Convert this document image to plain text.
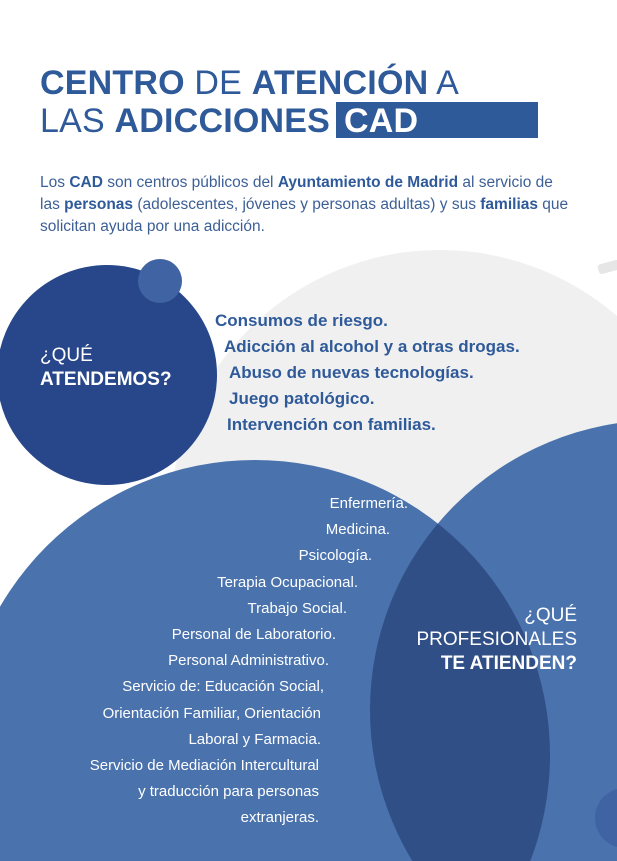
CENTRO DE ATENCIÓN A
LAS ADICCIONES CAD
Los CAD son centros públicos del Ayuntamiento de Madrid al servicio de las personas (adolescentes, jóvenes y personas adultas) y sus familias que solicitan ayuda por una adicción.
¿QUÉ
ATENDEMOS?
Consumos de riesgo.
Adicción al alcohol y a otras drogas.
Abuso de nuevas tecnologías.
Juego patológico.
Intervención con familias.
Enfermería.
Medicina.
Psicología.
Terapia Ocupacional.
Trabajo Social.
Personal de Laboratorio.
Personal Administrativo.
Servicio de: Educación Social,
Orientación Familiar, Orientación
Laboral y Farmacia.
Servicio de Mediación Intercultural
y traducción para personas
extranjeras.
¿QUÉ
PROFESIONALES
TE ATIENDEN?
